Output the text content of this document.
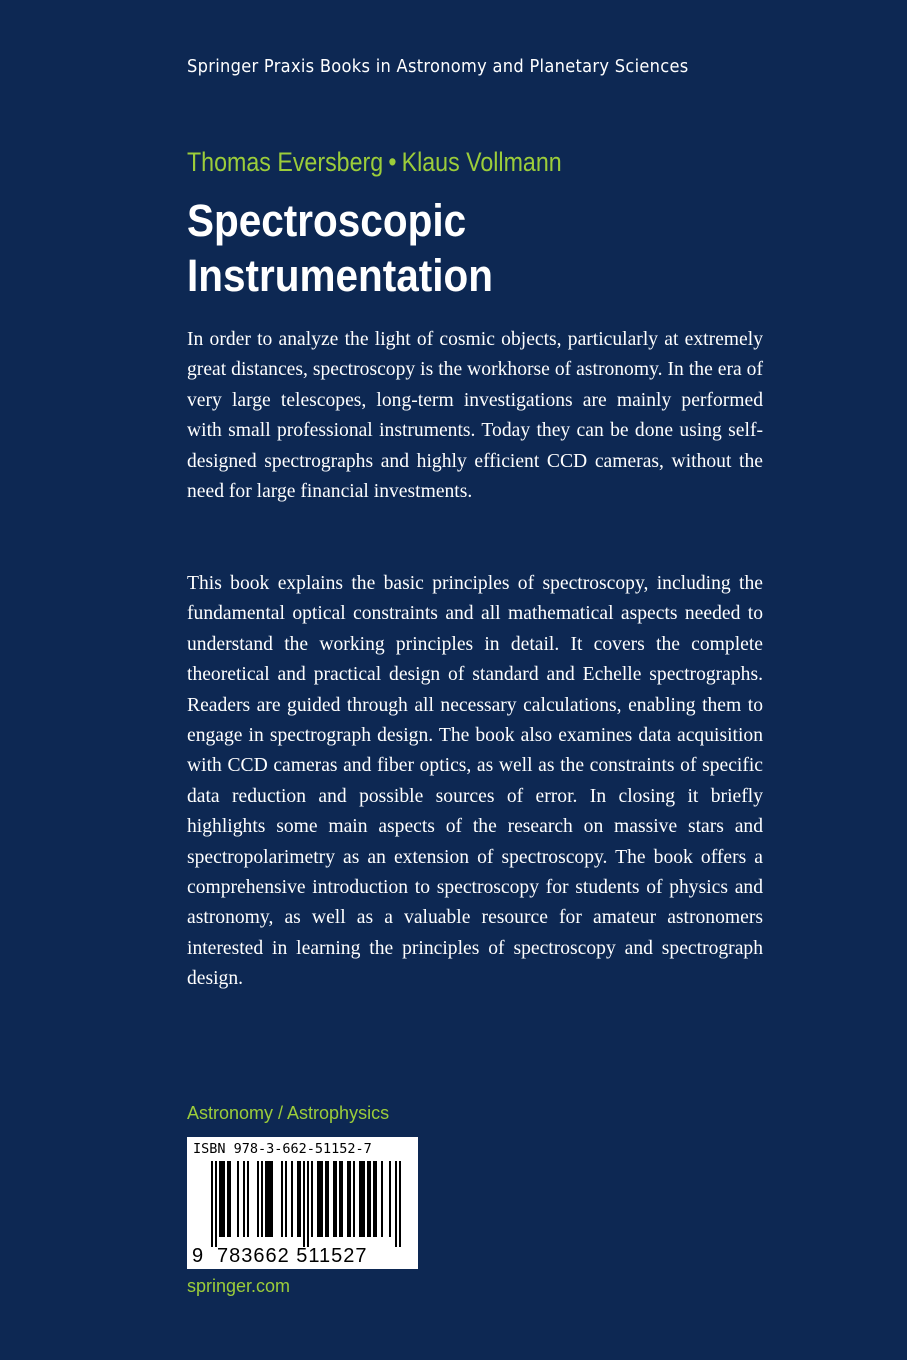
Springer Praxis Books in Astronomy and Planetary Sciences
Thomas Eversberg • Klaus Vollmann
Spectroscopic
Instrumentation

In order to analyze the light of cosmic objects, particularly at extremely great distances, spectroscopy is the workhorse of astronomy. In the era of very large telescopes, long-term investigations are mainly performed with small professional instruments. Today they can be done using self-designed spectrographs and highly efficient CCD cameras, without the need for large financial investments.

This book explains the basic principles of spectroscopy, including the fundamental optical constraints and all mathematical aspects needed to understand the working principles in detail. It covers the complete theoretical and practical design of standard and Echelle spectrographs. Readers are guided through all necessary calculations, enabling them to engage in spectrograph design. The book also examines data acquisition with CCD cameras and fiber optics, as well as the constraints of specific data reduction and possible sources of error. In closing it briefly highlights some main aspects of the research on massive stars and spectropolarimetry as an extension of spectroscopy. The book offers a comprehensive introduction to spectroscopy for students of physics and astronomy, as well as a valuable resource for amateur astronomers interested in learning the principles of spectroscopy and spectrograph design.

Astronomy / Astrophysics
ISBN 978-3-662-51152-7
9 783662 511527
springer.com
